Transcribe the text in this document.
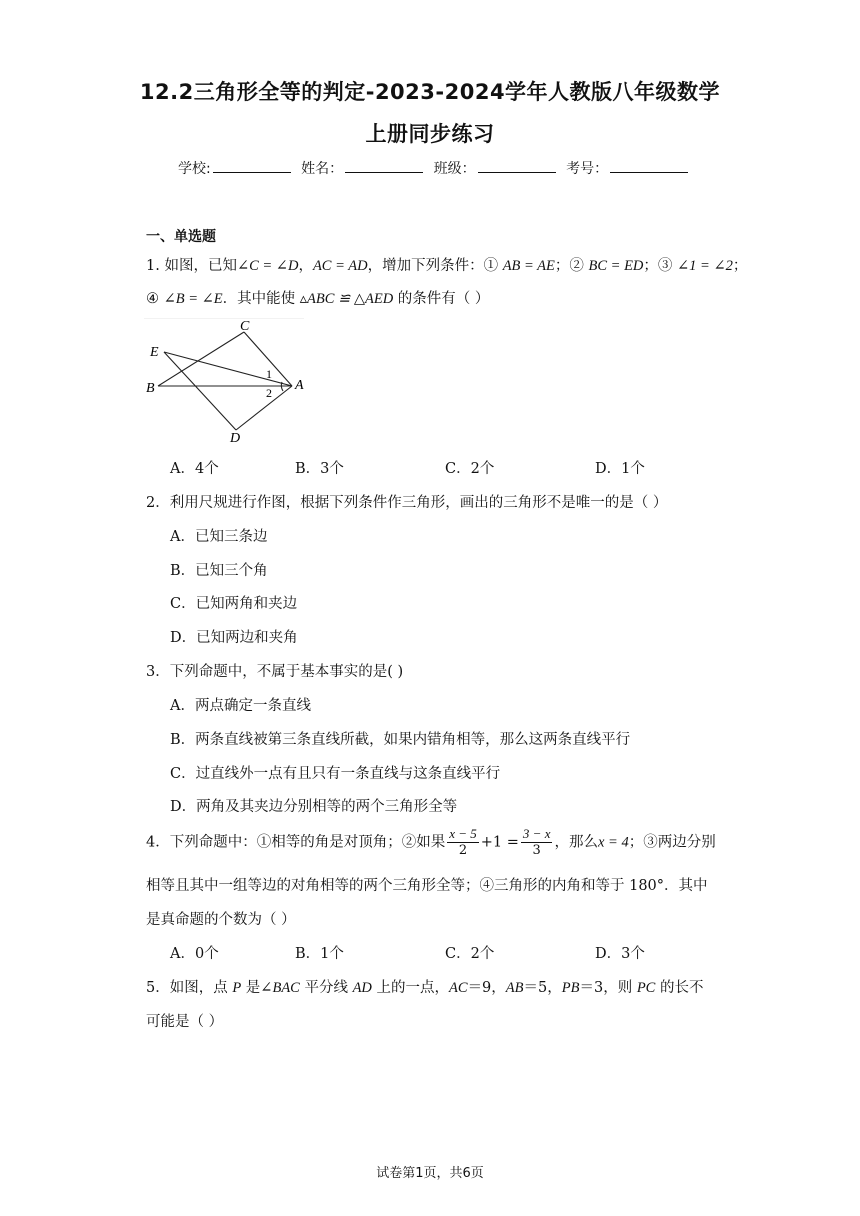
12.2三角形全等的判定-2023-2024学年人教版八年级数学
上册同步练习
学校:	姓名：	班级：	考号：
一、单选题
1. 如图，已知∠C = ∠D，AC = AD，增加下列条件：① AB = AE；② BC = ED；③ ∠1 = ∠2；
④ ∠B = ∠E．其中能使 ▵ABC ≌ △AED 的条件有（ ）
C
E
B	A
D
1
2
A．4个	B．3个	C．2个	D．1个
2．利用尺规进行作图，根据下列条件作三角形，画出的三角形不是唯一的是（ ）
A．已知三条边
B．已知三个角
C．已知两角和夹边
D．已知两边和夹角
3．下列命题中，不属于基本事实的是( )
A．两点确定一条直线
B．两条直线被第三条直线所截，如果内错角相等，那么这两条直线平行
C．过直线外一点有且只有一条直线与这条直线平行
D．两角及其夹边分别相等的两个三角形全等
4．下列命题中：①相等的角是对顶角；②如果 $\frac{x - 5}{2} +1 = \frac{3 - x}{3}$ ，那么x = 4；③两边分别
相等且其中一组等边的对角相等的两个三角形全等；④三角形的内角和等于 180°．其中
是真命题的个数为（ ）
A．0个	B．1个	C．2个	D．3个
5．如图，点 P 是∠BAC 平分线 AD 上的一点，AC＝9，AB＝5，PB＝3，则 PC 的长不
可能是（ ）
试卷第1页，共6页
